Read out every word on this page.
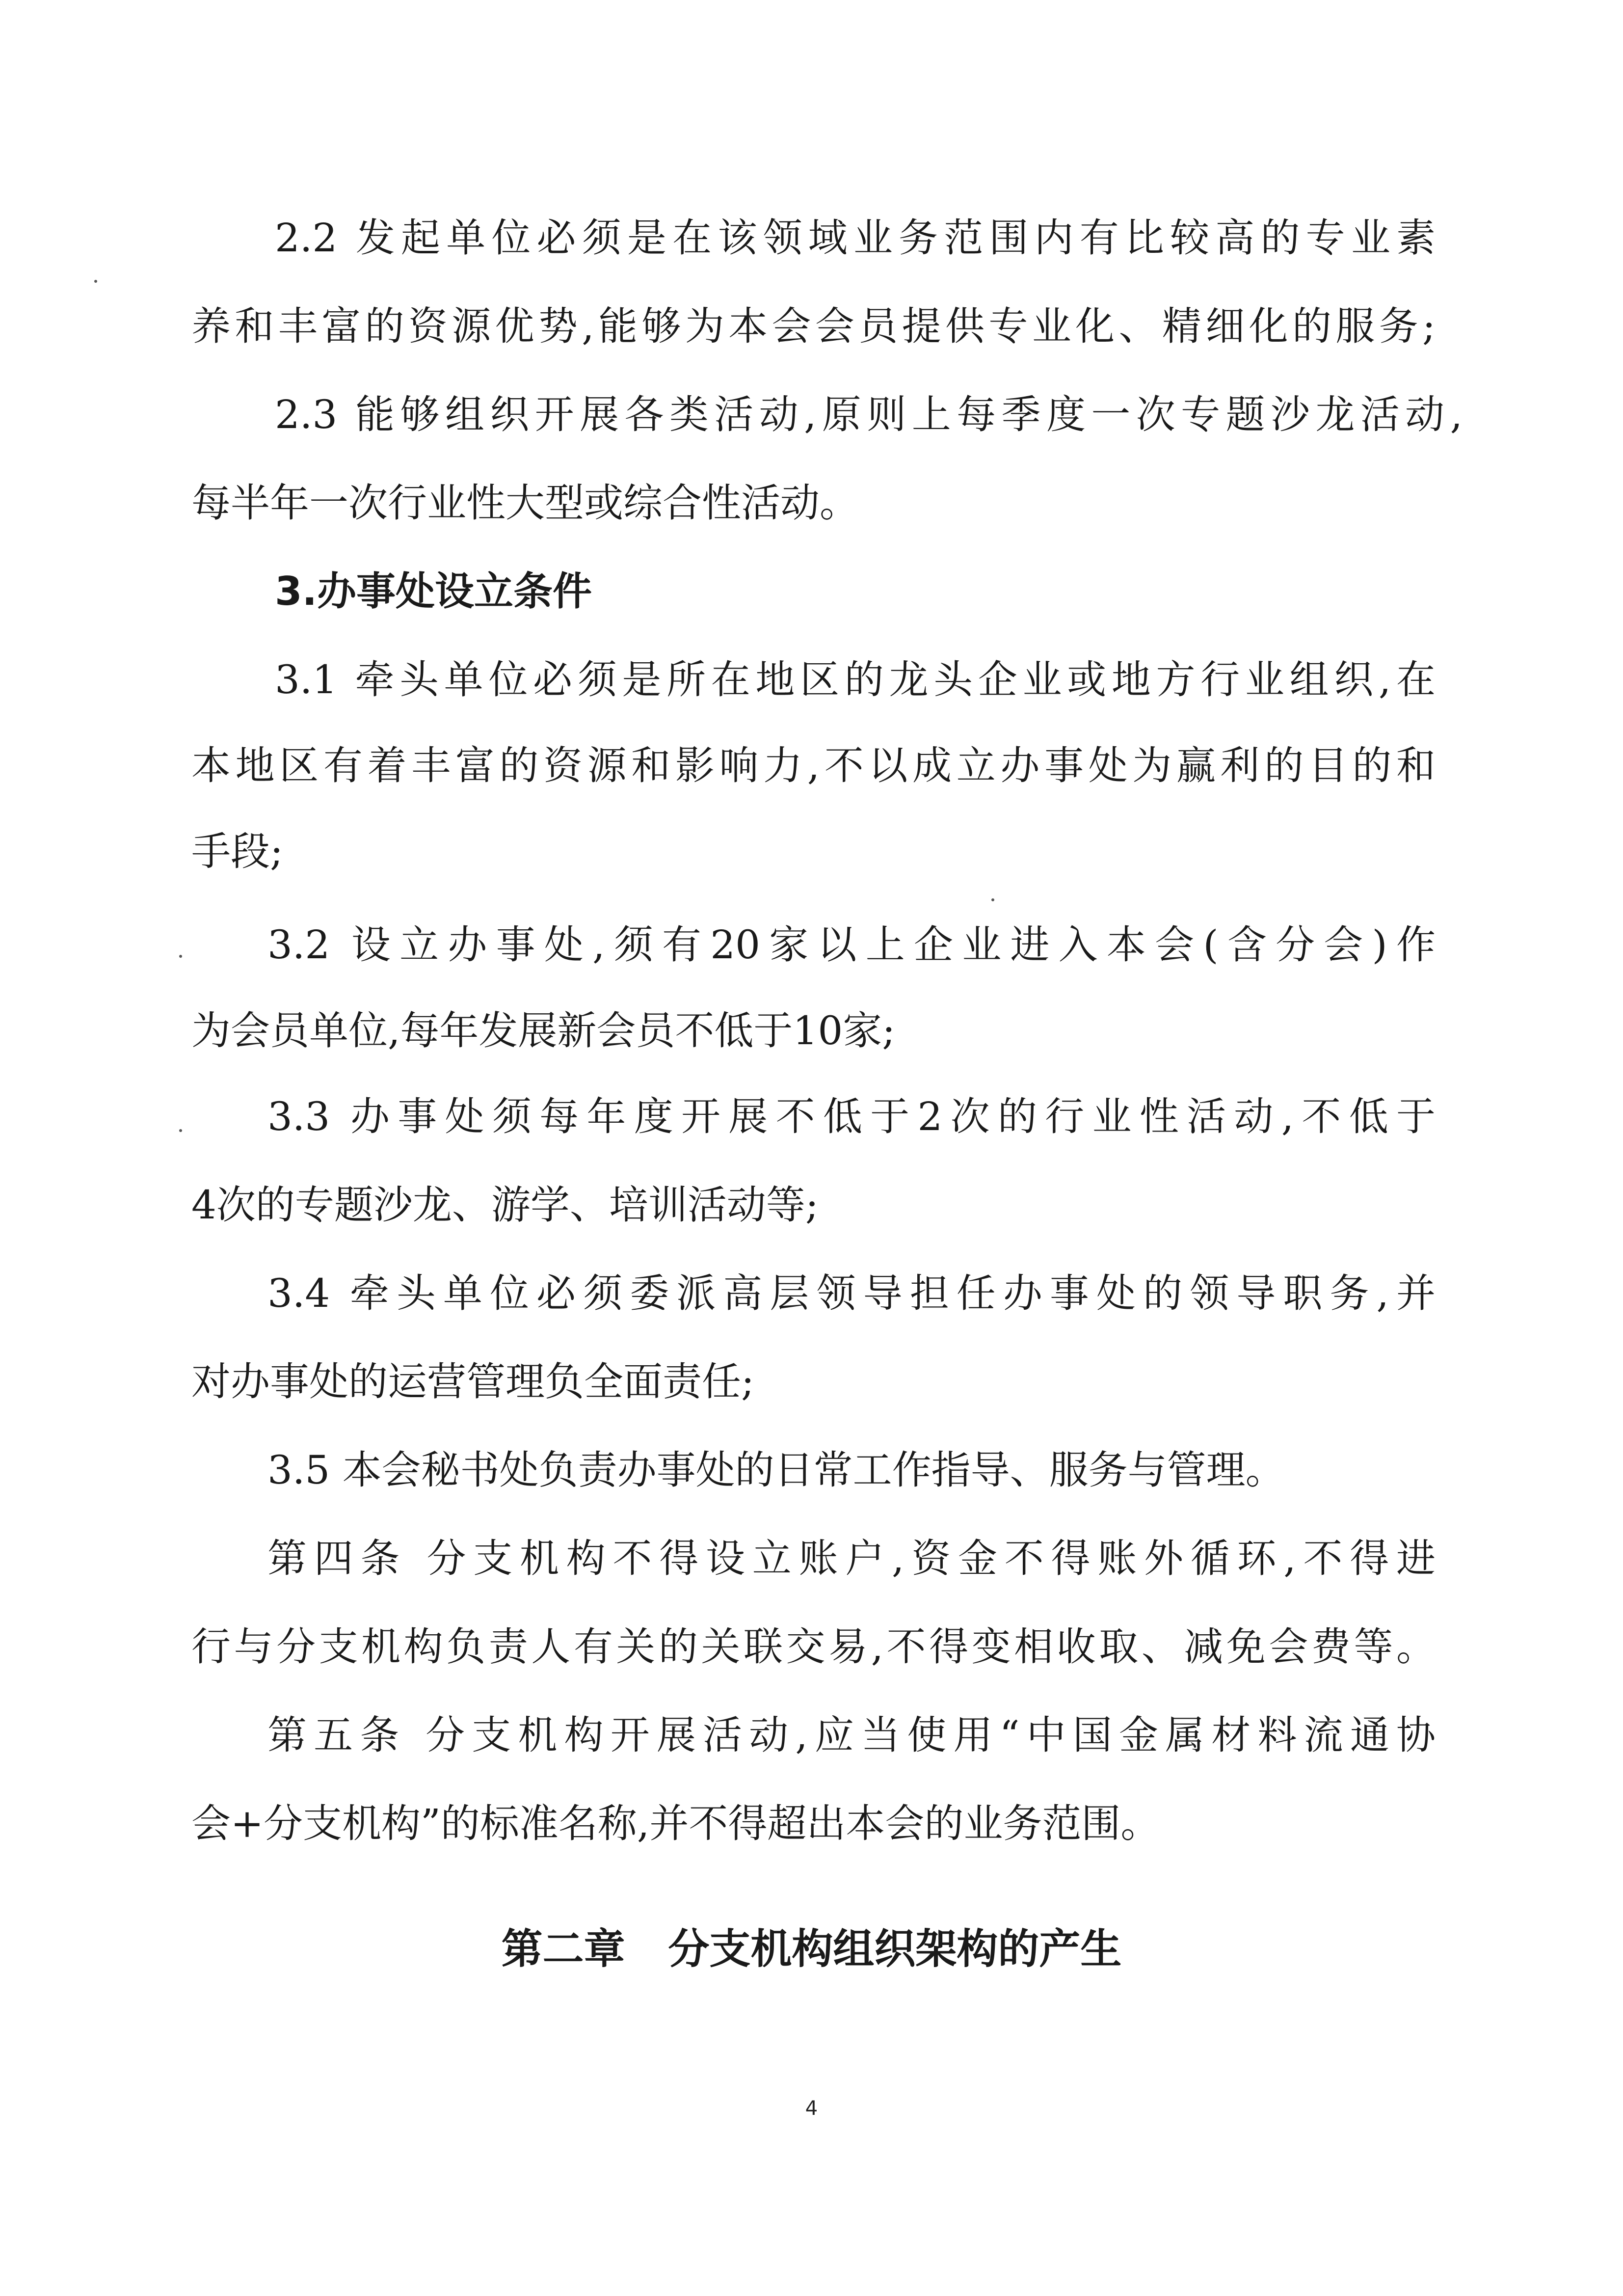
2.2 发起单位必须是在该领域业务范围内有比较高的专业素

养和丰富的资源优势,能够为本会会员提供专业化、精细化的服务;

2.3 能够组织开展各类活动,原则上每季度一次专题沙龙活动,

每半年一次行业性大型或综合性活动。

3.办事处设立条件

3.1 牵头单位必须是所在地区的龙头企业或地方行业组织,在

本地区有着丰富的资源和影响力,不以成立办事处为赢利的目的和

手段;

3.2 设立办事处,须有20家以上企业进入本会(含分会)作

为会员单位,每年发展新会员不低于10家;

3.3 办事处须每年度开展不低于2次的行业性活动,不低于

4次的专题沙龙、游学、培训活动等;

3.4 牵头单位必须委派高层领导担任办事处的领导职务,并

对办事处的运营管理负全面责任;

3.5 本会秘书处负责办事处的日常工作指导、服务与管理。

第四条 分支机构不得设立账户,资金不得账外循环,不得进

行与分支机构负责人有关的关联交易,不得变相收取、减免会费等。

第五条 分支机构开展活动,应当使用“中国金属材料流通协

会+分支机构”的标准名称,并不得超出本会的业务范围。

第二章   分支机构组织架构的产生
4
